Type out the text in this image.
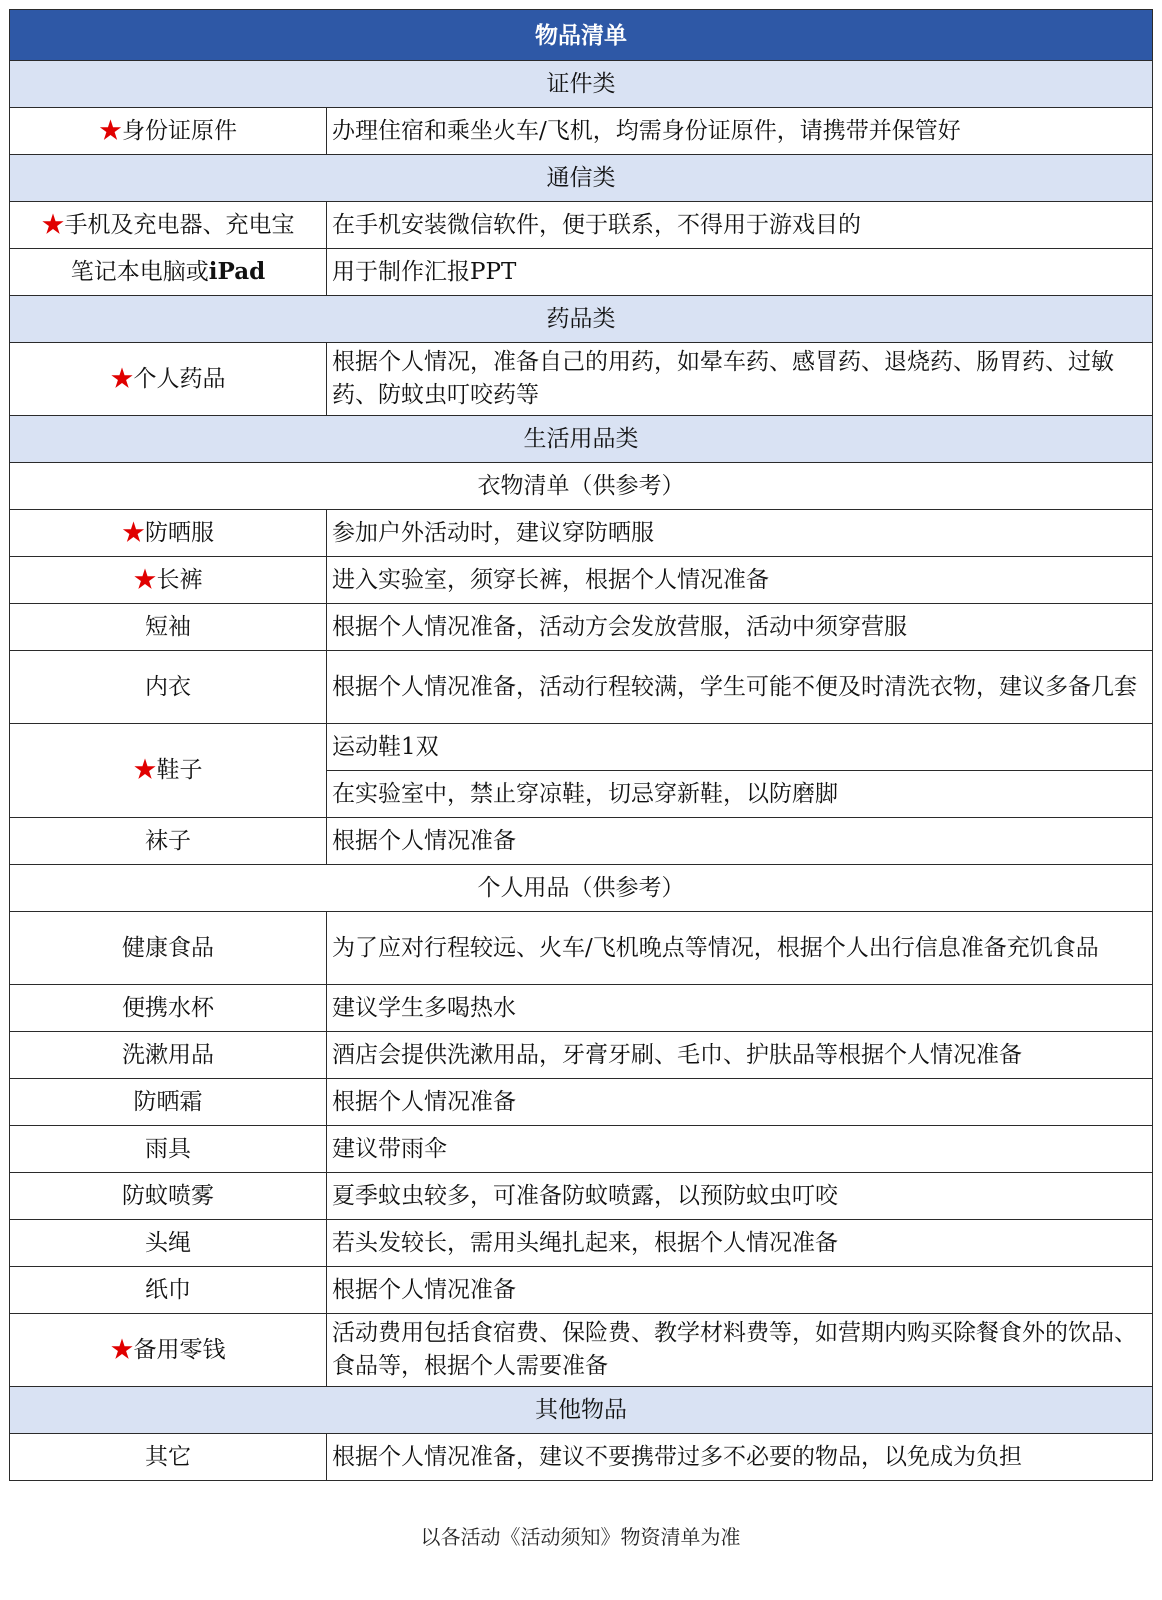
物品清单	
证件类	
★身份证原件	办理住宿和乘坐火车/飞机，均需身份证原件，请携带并保管好
通信类	
★手机及充电器、充电宝	在手机安装微信软件，便于联系，不得用于游戏目的
笔记本电脑或iPad	用于制作汇报PPT
药品类	
★个人药品	根据个人情况，准备自己的用药，如晕车药、感冒药、退烧药、肠胃药、过敏药、防蚊虫叮咬药等
生活用品类	
衣物清单（供参考）	
★防晒服	参加户外活动时，建议穿防晒服
★长裤	进入实验室，须穿长裤，根据个人情况准备
短袖	根据个人情况准备，活动方会发放营服，活动中须穿营服
内衣	根据个人情况准备，活动行程较满，学生可能不便及时清洗衣物，建议多备几套
★鞋子	运动鞋1双
	在实验室中，禁止穿凉鞋，切忌穿新鞋，以防磨脚
袜子	根据个人情况准备
个人用品（供参考）	
健康食品	为了应对行程较远、火车/飞机晚点等情况，根据个人出行信息准备充饥食品
便携水杯	建议学生多喝热水
洗漱用品	酒店会提供洗漱用品，牙膏牙刷、毛巾、护肤品等根据个人情况准备
防晒霜	根据个人情况准备
雨具	建议带雨伞
防蚊喷雾	夏季蚊虫较多，可准备防蚊喷露，以预防蚊虫叮咬
头绳	若头发较长，需用头绳扎起来，根据个人情况准备
纸巾	根据个人情况准备
★备用零钱	活动费用包括食宿费、保险费、教学材料费等，如营期内购买除餐食外的饮品、食品等，根据个人需要准备
其他物品	
其它	根据个人情况准备，建议不要携带过多不必要的物品，以免成为负担
以各活动《活动须知》物资清单为准
